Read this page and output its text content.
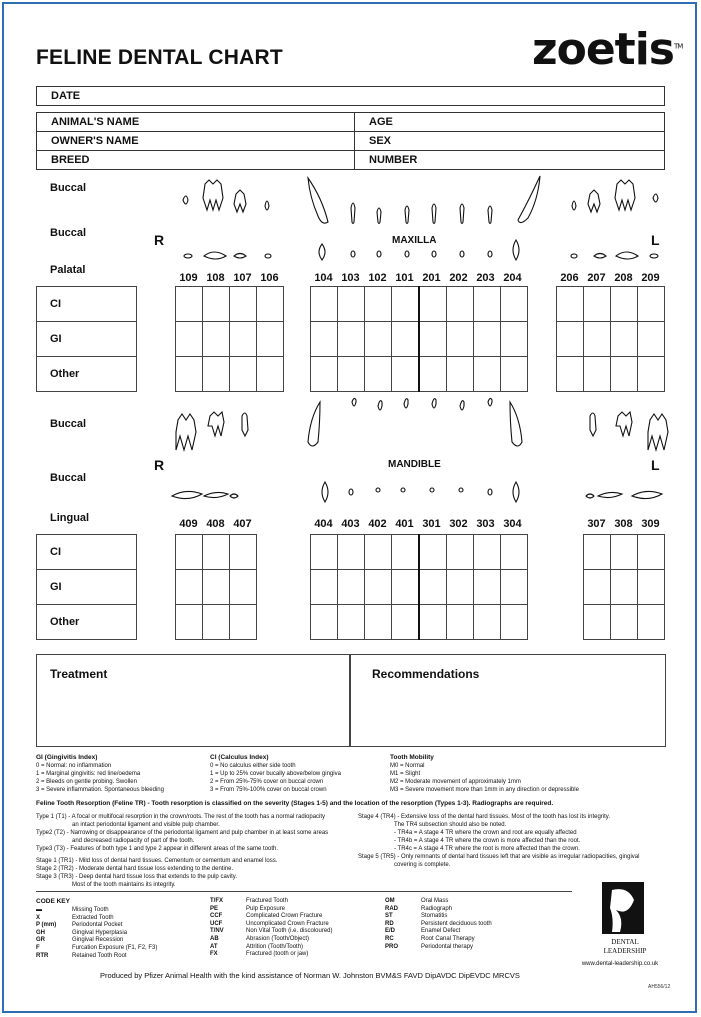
FELINE DENTAL CHART	zoetis™
DATE
ANIMAL'S NAME	AGE
OWNER'S NAME	SEX
BREED	NUMBER
Buccal
Buccal
Palatal
R	L
MAXILLA
109 108 107 106	104 103 102 101 201 202 203 204	206 207 208 209
CI
GI
Other

Buccal
Buccal
Lingual
R	L
MANDIBLE
409 408 407	404 403 402 401 301 302 303 304	307 308 309
CI
GI
Other

Treatment	Recommendations
GI (Gingivitis Index)
0 = Normal: no inflammation
1 = Marginal gingivitis: red line/oedema
2 = Bleeds on gentle probing. Swollen
3 = Severe inflammation. Spontaneous bleeding
CI (Calculus Index)
0 = No calculus either side tooth
1 = Up to 25% cover bucally above/below gingiva
2 = From 25%-75% cover on buccal crown
3 = From 75%-100% cover on buccal crown
Tooth Mobility
M0 = Normal
M1 = Slight
M2 = Moderate movement of approximately 1mm
M3 = Severe movement more than 1mm in any direction or depressible
Feline Tooth Resorption (Feline TR) - Tooth resorption is classified on the severity (Stages 1-5) and the location of the resorption (Types 1-3). Radiographs are required.
Type 1 (T1) - A focal or multifocal resorption in the crown/roots. The rest of the tooth has a normal radiopacity
an intact periodontal ligament and visible pulp chamber.
Type2 (T2) - Narrowing or disappearance of the periodontal ligament and pulp chamber in at least some areas
and decreased radiopacity of part of the tooth.
Type3 (T3) - Features of both type 1 and type 2 appear in different areas of the same tooth.
Stage 1 (TR1) - Mild loss of dental hard tissues. Cementum or cementum and enamel loss.
Stage 2 (TR2) - Moderate dental hard tissue loss extending to the dentine.
Stage 3 (TR3) - Deep dental hard tissue loss that extends to the pulp cavity.
Most of the tooth maintains its integrity.
Stage 4 (TR4) - Extensive loss of the dental hard tissues. Most of the tooth has lost its integrity.
The TR4 subsection should also be noted.
- TR4a = A stage 4 TR where the crown and root are equally affected
- TR4b = A stage 4 TR where the crown is more affected than the root.
- TR4c = A stage 4 TR where the root is more affected than the crown.
Stage 5 (TR5) - Only remnants of dental hard tissues left that are visible as irregular radiopacities, gingival
covering is complete.
CODE KEY
▬	Missing Tooth
X	Extracted Tooth
P (mm)	Periodontal Pocket
GH	Gingival Hyperplasia
GR	Gingival Recession
F	Furcation Exposure (F1, F2, F3)
RTR	Retained Tooth Root
T/FX	Fractured Tooth
PE	Pulp Exposure
CCF	Complicated Crown Fracture
UCF	Uncomplicated Crown Fracture
T/NV	Non Vital Tooth (i.e. discoloured)
AB	Abrasion (Tooth/Object)
AT	Attrition (Tooth/Tooth)
FX	Fractured (tooth or jaw)
OM	Oral Mass
RAD	Radiograph
ST	Stomatitis
RD	Persistent deciduous tooth
E/D	Enamel Defect
RC	Root Canal Therapy
PRO	Periodontal therapy
DENTAL
LEADERSHIP
www.dental-leadership.co.uk
Produced by Pfizer Animal Health with the kind assistance of Norman W. Johnston BVM&S FAVD DipAVDC DipEVDC MRCVS
AH556/12
